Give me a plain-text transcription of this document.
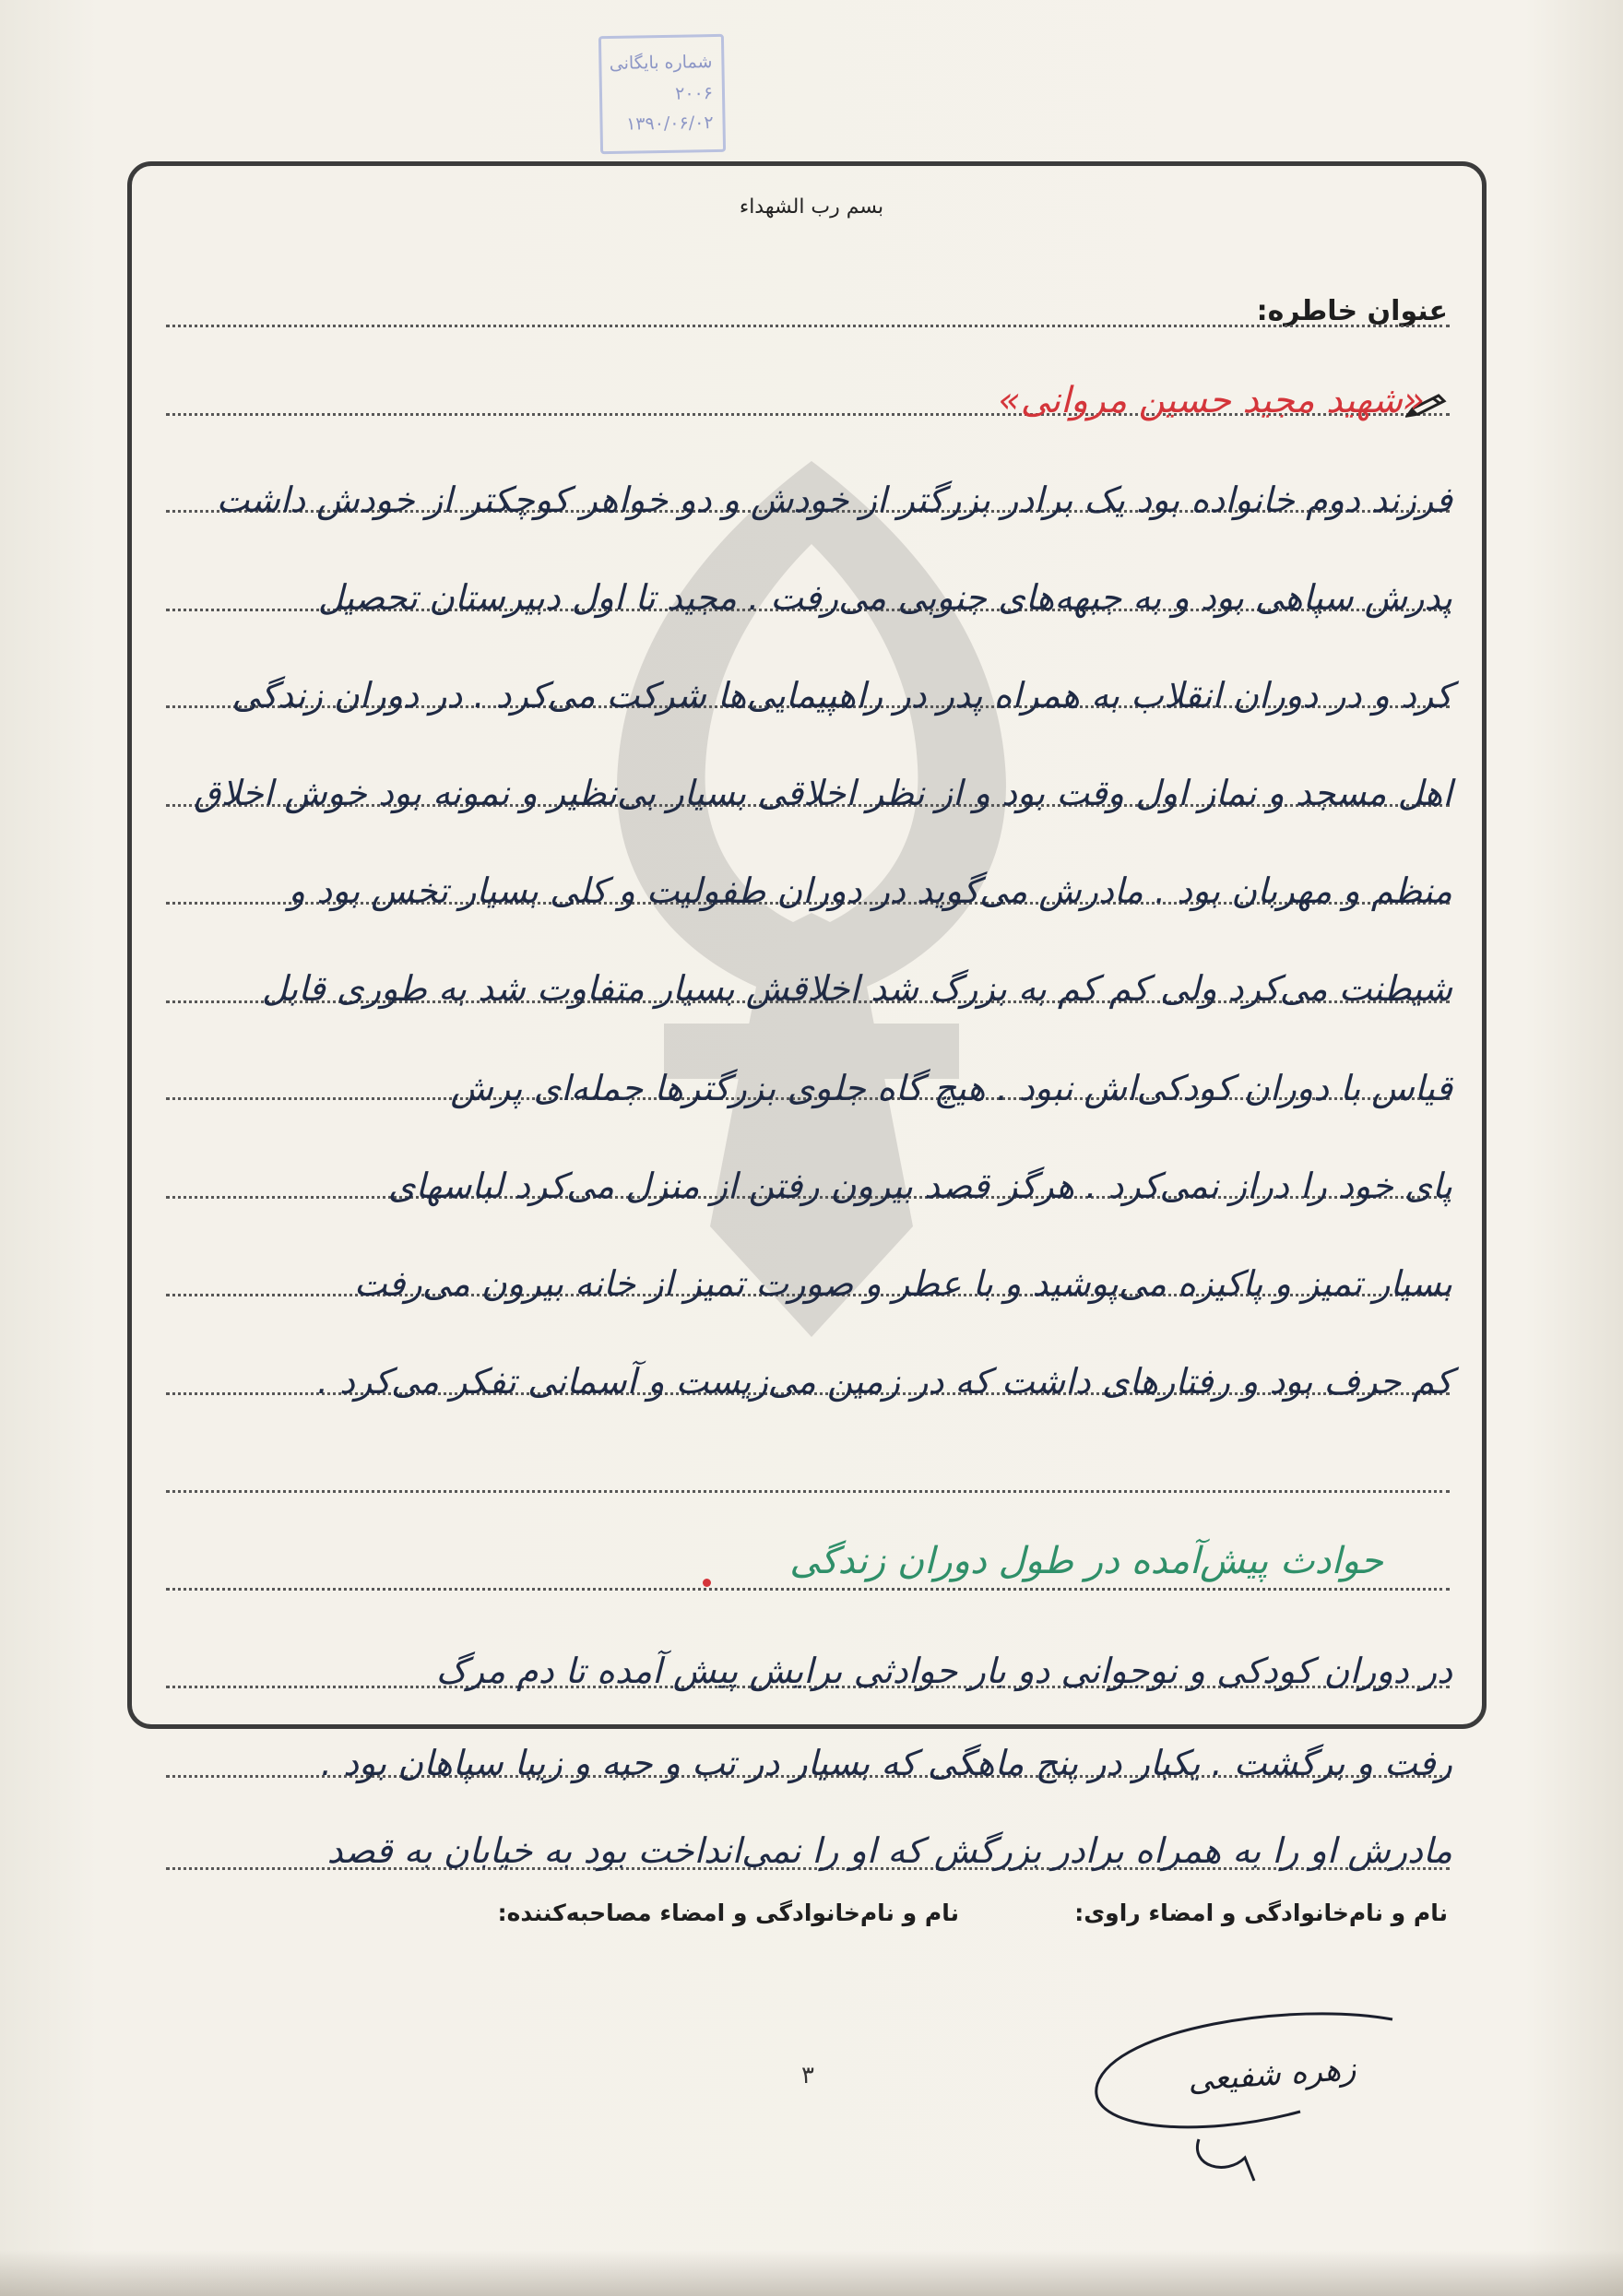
شماره بایگانی
۲۰۰۶
۱۳۹۰/۰۶/۰۲
بسم رب الشهداء
عنوان خاطره:
«شهید مجید حسین مروانی»
فرزند دوم خانواده بود یک برادر بزرگتر از خودش و دو خواهر کوچکتر از خودش داشت
پدرش سپاهی بود و به جبهه‌های جنوبی می‌رفت . مجید تا اول دبیرستان تحصیل
کرد و در دوران انقلاب به همراه پدر در راهپیمایی‌ها شرکت می‌کرد . در دوران زندگی
اهل مسجد و نماز اول وقت بود و از نظر اخلاقی بسیار بی‌نظیر و نمونه بود خوش اخلاق
منظم و مهربان بود . مادرش می‌گوید در دوران طفولیت و کلی بسیار تخس بود و
شیطنت می‌کرد ولی کم کم به بزرگ شد اخلاقش بسیار متفاوت شد به طوری قابل
قیاس با دوران کودکی‌اش نبود . هیچ گاه جلوی بزرگترها جمله‌ای پرش
پای خود را دراز نمی‌کرد . هرگز قصد بیرون رفتن از منزل می‌کرد لباسهای
بسیار تمیز و پاکیزه می‌پوشید و با عطر و صورت تمیز از خانه بیرون می‌رفت
کم حرف بود و رفتارهای داشت که در زمین می‌زیست و آسمانی تفکر می‌کرد .
حوادث پیش‌آمده در طول دوران زندگی
در دوران کودکی و نوجوانی دو بار حوادثی برایش پیش آمده تا دم مرگ
رفت و برگشت . یکبار در پنج ماهگی که بسیار در تب و حبه و زیبا سپاهان بود .
مادرش او را به همراه برادر بزرگش که او را نمی‌انداخت بود به خیابان به قصد
نام و نام‌خانوادگی و امضاء راوی:
نام و نام‌خانوادگی و امضاء مصاحبه‌کننده:
زهره شفیعی
۳
